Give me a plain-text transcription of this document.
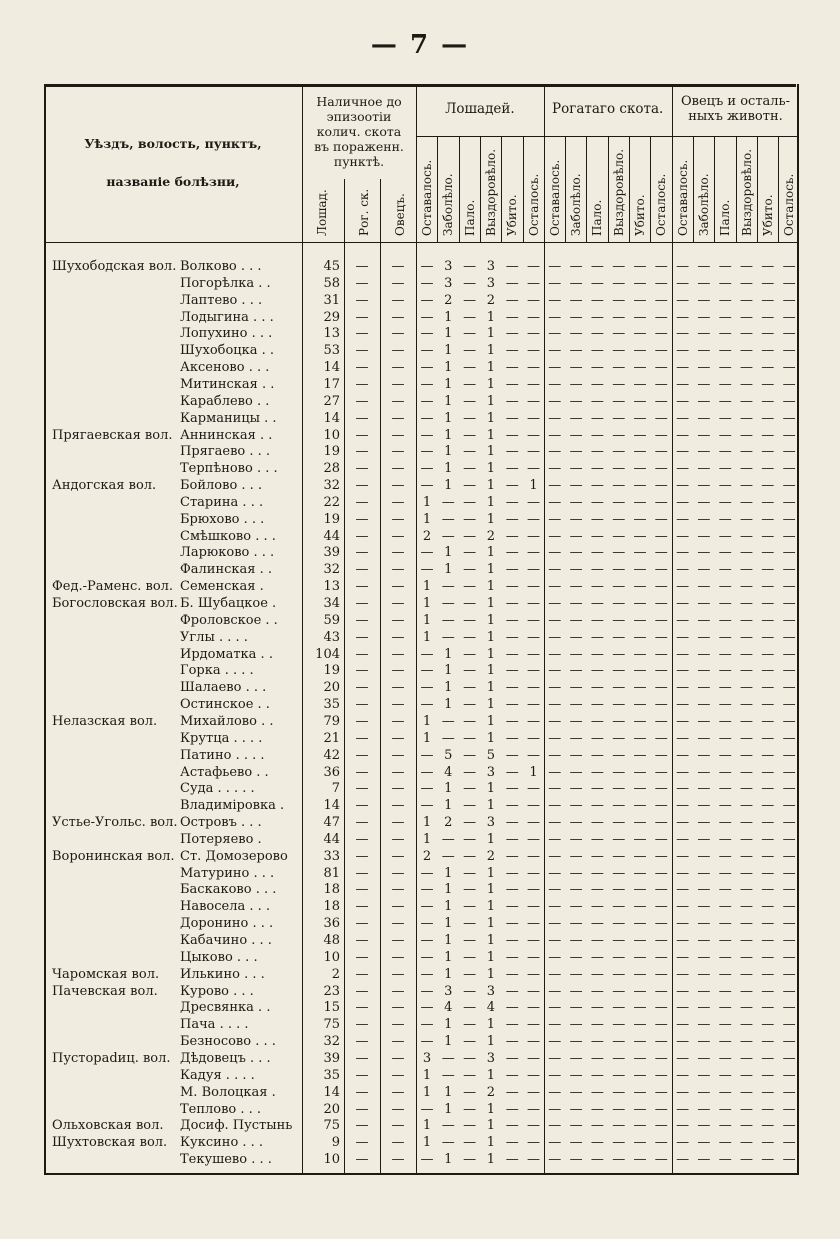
— 7 —
Уѣздъ, волость, пунктъ,
названіе болѣзни,
Наличное до
эпизоотіи
колич. скота
въ пораженн.
пунктѣ.
Лошад. Рог. ск. Овецъ.
Лошадей.	Рогатаго скота.	Овецъ и осталь-
ныхъ животн.
Оставалось. Заболѣло. Пало. Выздоровѣло. Убито. Осталось. Оставалось. Заболѣло. Пало. Выздоровѣло. Убито. Осталось. Оставалось. Заболѣло. Пало. Выздоровѣло. Убито. Осталось.
Шухободская вол. Волково . . .	45 — — — 3 — 3 — — — — — — — — — — — — — —
Погорѣлка . .	58 — — — 3 — 3 — — — — — — — — — — — — — —
Лаптево . . .	31 — — — 2 — 2 — — — — — — — — — — — — — —
Лодыгина . . .	29 — — — 1 — 1 — — — — — — — — — — — — — —
Лопухино . . .	13 — — — 1 — 1 — — — — — — — — — — — — — —
Шухобоцка . .	53 — — — 1 — 1 — — — — — — — — — — — — — —
Аксеново . . .	14 — — — 1 — 1 — — — — — — — — — — — — — —
Митинская . .	17 — — — 1 — 1 — — — — — — — — — — — — — —
Караблево . .	27 — — — 1 — 1 — — — — — — — — — — — — — —
Карманицы . .	14 — — — 1 — 1 — — — — — — — — — — — — — —
Прягаевская вол. Аннинская . .	10 — — — 1 — 1 — — — — — — — — — — — — — —
Прягаево . . .	19 — — — 1 — 1 — — — — — — — — — — — — — —
Терпѣново . . .	28 — — — 1 — 1 — — — — — — — — — — — — — —
Андогская вол.	Бойлово . . .	32 — — — 1 — 1 — 1 — — — — — — — — — — — —
Старина . . .	22 — —	1 — — 1 — — — — — — — — — — — — — —
Брюхово . . .	19 — —	1 — — 1 — — — — — — — — — — — — — —
Смѣшково . . .	44 — —	2 — — 2 — — — — — — — — — — — — — —
Ларюково . . .	39 — — — 1 — 1 — — — — — — — — — — — — — —
Фалинская . .	32 — — — 1 — 1 — — — — — — — — — — — — — —
Фед.-Раменс. вол. Семенская .	13 — —	1 — — 1 — — — — — — — — — — — — — —
Богословская вол. Б. Шубацкое .	34 — —	1 — — 1 — — — — — — — — — — — — — —
Фроловское . .	59 — —	1 — — 1 — — — — — — — — — — — — — —
Углы . . . .	43 — —	1 — — 1 — — — — — — — — — — — — — —
Ирдоматка . .	104 — — — 1 — 1 — — — — — — — — — — — — — —
Горка . . . .	19 — — — 1 — 1 — — — — — — — — — — — — — —
Шалаево . . .	20 — — — 1 — 1 — — — — — — — — — — — — — —
Остинское . .	35 — — — 1 — 1 — — — — — — — — — — — — — —
Нелазская вол.	Михайлово . .	79 — —	1 — — 1 — — — — — — — — — — — — — —
Крутца . . . .	21 — —	1 — — 1 — — — — — — — — — — — — — —
Патино . . . .	42 — — — 5 — 5 — — — — — — — — — — — — — —
Астафьево . .	36 — — — 4 — 3 — 1 — — — — — — — — — — — —
Суда . . . . .	7 — — — 1 — 1 — — — — — — — — — — — — — —
Владиміровка .	14 — — — 1 — 1 — — — — — — — — — — — — — —
Устье-Угольс. вол. Островъ . . .	47 — —	1	2 — 3 — — — — — — — — — — — — — —
Потеряево .	44 — —	1 — — 1 — — — — — — — — — — — — — —
Воронинская вол. Ст. Домозерово	33 — —	2 — — 2 — — — — — — — — — — — — — —
Матурино . . .	81 — — — 1 — 1 — — — — — — — — — — — — — —
Баскаково . . .	18 — — — 1 — 1 — — — — — — — — — — — — — —
Навосела . . .	18 — — — 1 — 1 — — — — — — — — — — — — — —
Доронино . . .	36 — — — 1 — 1 — — — — — — — — — — — — — —
Кабачино . . .	48 — — — 1 — 1 — — — — — — — — — — — — — —
Цыково . . .	10 — — — 1 — 1 — — — — — — — — — — — — — —
Чаромская вол.	Илькино . . .	2 — — — 1 — 1 — — — — — — — — — — — — — —
Пачевская вол.	Курово . . .	23 — — — 3 — 3 — — — — — — — — — — — — — —
Дресвянка . .	15 — — — 4 — 4 — — — — — — — — — — — — — —
Пача . . . .	75 — — — 1 — 1 — — — — — — — — — — — — — —
Безносово . . .	32 — — — 1 — 1 — — — — — — — — — — — — — —
Пустораdиц. вол. Дѣдовецъ . . .	39 — —	3 — — 3 — — — — — — — — — — — — — —
Кадуя . . . .	35 — —	1 — — 1 — — — — — — — — — — — — — —
М. Волоцкая .	14 — —	1	1 — 2 — — — — — — — — — — — — — —
Теплово . . .	20 — — — 1 — 1 — — — — — — — — — — — — — —
Ольховская вол.	Досиф. Пустынь	75 — —	1 — — 1 — — — — — — — — — — — — — —
Шухтовская вол. Куксино . . .	9 — —	1 — — 1 — — — — — — — — — — — — — —
Текушево . . .	10 — — — 1 — 1 — — — — — — — — — — — — — —
